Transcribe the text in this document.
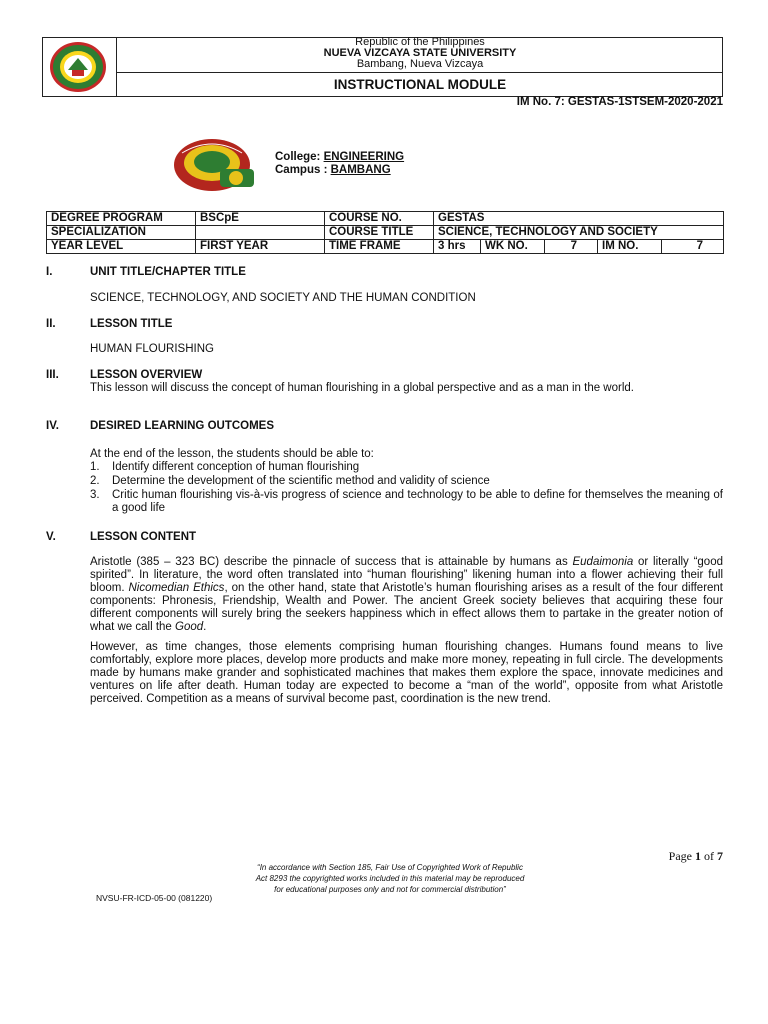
Republic of the Philippines
NUEVA VIZCAYA STATE UNIVERSITY
Bambang, Nueva Vizcaya
INSTRUCTIONAL MODULE
IM No. 7: GESTAS-1STSEM-2020-2021
College: ENGINEERING
Campus : BAMBANG
DEGREE PROGRAM	BSCpE	COURSE NO.	GESTAS				
SPECIALIZATION		COURSE TITLE	SCIENCE, TECHNOLOGY AND SOCIETY				
YEAR LEVEL	FIRST YEAR	TIME FRAME	3 hrs	WK NO.	7	IM NO.	7
I.	UNIT TITLE/CHAPTER TITLE
SCIENCE, TECHNOLOGY, AND SOCIETY AND THE HUMAN CONDITION
II.	LESSON TITLE
HUMAN FLOURISHING
III.	LESSON OVERVIEW
This lesson will discuss the concept of human flourishing in a global perspective and as a man in the world.
IV.	DESIRED LEARNING OUTCOMES
At the end of the lesson, the students should be able to:
1. Identify different conception of human flourishing
2. Determine the development of the scientific method and validity of science
3. Critic human flourishing vis-à-vis progress of science and technology to be able to define for themselves the meaning of a good life
V.	LESSON CONTENT
Aristotle (385 – 323 BC) describe the pinnacle of success that is attainable by humans as Eudaimonia or literally “good spirited”. In literature, the word often translated into “human flourishing” likening human into a flower achieving their full bloom. Nicomedian Ethics, on the other hand, state that Aristotle’s human flourishing arises as a result of the four different components: Phronesis, Friendship, Wealth and Power. The ancient Greek society believes that acquiring these four different components will surely bring the seekers happiness which in effect allows them to partake in the greater notion of what we call the Good.
However, as time changes, those elements comprising human flourishing changes. Humans found means to live comfortably, explore more places, develop more products and make more money, repeating in full circle. The developments made by humans make grander and sophisticated machines that makes them explore the space, innovate medicines and ventures on life after death. Human today are expected to become a “man of the world”, opposite from what Aristotle perceived. Competition as a means of survival become past, coordination is the new trend.
Page 1 of 7
“In accordance with Section 185, Fair Use of Copyrighted Work of Republic
Act 8293 the copyrighted works included in this material may be reproduced
for educational purposes only and not for commercial distribution”
NVSU-FR-ICD-05-00 (081220)
